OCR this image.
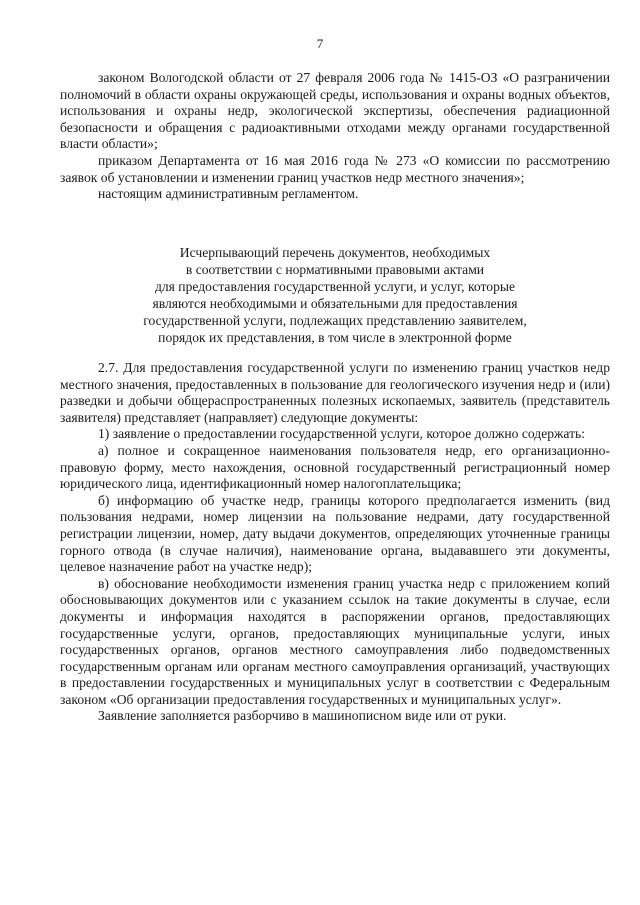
7

законом Вологодской области от 27 февраля 2006 года № 1415-ОЗ «О разграничении полномочий в области охраны окружающей среды, использования и охраны водных объектов, использования и охраны недр, экологической экспертизы, обеспечения радиационной безопасности и обращения с радиоактивными отходами между органами государственной власти области»;

приказом Департамента от 16 мая 2016 года № 273 «О комиссии по рассмотрению заявок об установлении и изменении границ участков недр местного значения»;

настоящим административным регламентом.

Исчерпывающий перечень документов, необходимых
в соответствии с нормативными правовыми актами
для предоставления государственной услуги, и услуг, которые
являются необходимыми и обязательными для предоставления
государственной услуги, подлежащих представлению заявителем,
порядок их представления, в том числе в электронной форме

2.7. Для предоставления государственной услуги по изменению границ участков недр местного значения, предоставленных в пользование для геологического изучения недр и (или) разведки и добычи общераспространенных полезных ископаемых, заявитель (представитель заявителя) представляет (направляет) следующие документы:

1) заявление о предоставлении государственной услуги, которое должно содержать:

а) полное и сокращенное наименования пользователя недр, его организационно-правовую форму, место нахождения, основной государственный регистрационный номер юридического лица, идентификационный номер налогоплательщика;

б) информацию об участке недр, границы которого предполагается изменить (вид пользования недрами, номер лицензии на пользование недрами, дату государственной регистрации лицензии, номер, дату выдачи документов, определяющих уточненные границы горного отвода (в случае наличия), наименование органа, выдававшего эти документы, целевое назначение работ на участке недр);

в) обоснование необходимости изменения границ участка недр с приложением копий обосновывающих документов или с указанием ссылок на такие документы в случае, если документы и информация находятся в распоряжении органов, предоставляющих государственные услуги, органов, предоставляющих муниципальные услуги, иных государственных органов, органов местного самоуправления либо подведомственных государственным органам или органам местного самоуправления организаций, участвующих в предоставлении государственных и муниципальных услуг в соответствии с Федеральным законом «Об организации предоставления государственных и муниципальных услуг».

Заявление заполняется разборчиво в машинописном виде или от руки.
